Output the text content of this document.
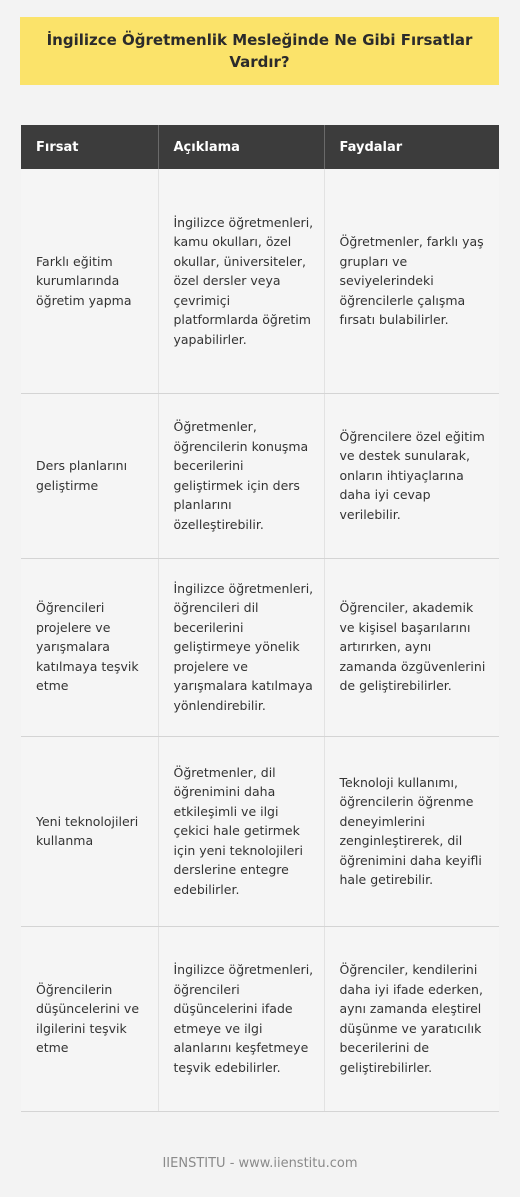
İngilizce Öğretmenlik Mesleğinde Ne Gibi Fırsatlar Vardır?
Fırsat	Açıklama	Faydalar
Farklı eğitim kurumlarında öğretim yapma	İngilizce öğretmenleri, kamu okulları, özel okullar, üniversiteler, özel dersler veya çevrimiçi platformlarda öğretim yapabilirler.	Öğretmenler, farklı yaş grupları ve seviyelerindeki öğrencilerle çalışma fırsatı bulabilirler.
Ders planlarını geliştirme	Öğretmenler, öğrencilerin konuşma becerilerini geliştirmek için ders planlarını özelleştirebilir.	Öğrencilere özel eğitim ve destek sunularak, onların ihtiyaçlarına daha iyi cevap verilebilir.
Öğrencileri projelere ve yarışmalara katılmaya teşvik etme	İngilizce öğretmenleri, öğrencileri dil becerilerini geliştirmeye yönelik projelere ve yarışmalara katılmaya yönlendirebilir.	Öğrenciler, akademik ve kişisel başarılarını artırırken, aynı zamanda özgüvenlerini de geliştirebilirler.
Yeni teknolojileri kullanma	Öğretmenler, dil öğrenimini daha etkileşimli ve ilgi çekici hale getirmek için yeni teknolojileri derslerine entegre edebilirler.	Teknoloji kullanımı, öğrencilerin öğrenme deneyimlerini zenginleştirerek, dil öğrenimini daha keyifli hale getirebilir.
Öğrencilerin düşüncelerini ve ilgilerini teşvik etme	İngilizce öğretmenleri, öğrencileri düşüncelerini ifade etmeye ve ilgi alanlarını keşfetmeye teşvik edebilirler.	Öğrenciler, kendilerini daha iyi ifade ederken, aynı zamanda eleştirel düşünme ve yaratıcılık becerilerini de geliştirebilirler.
IIENSTITU - www.iienstitu.com
